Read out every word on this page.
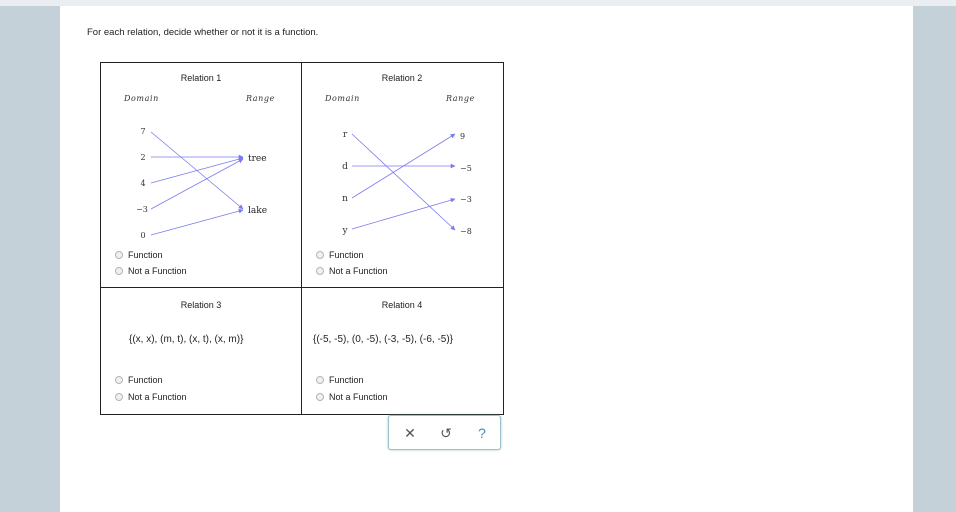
For each relation, decide whether or not it is a function.
Relation 1
Domain	Range
7
2
4
−3
0
tree
lake
Function
Not a Function
Relation 2
Domain	Range
r
d
n
y
9
−5
−3
−8
Function
Not a Function
Relation 3
{(x, x), (m, t), (x, t), (x, m)}
Function
Not a Function
Relation 4
{(-5, -5), (0, -5), (-3, -5), (-6, -5)}
Function
Not a Function
✕ ↺ ?
